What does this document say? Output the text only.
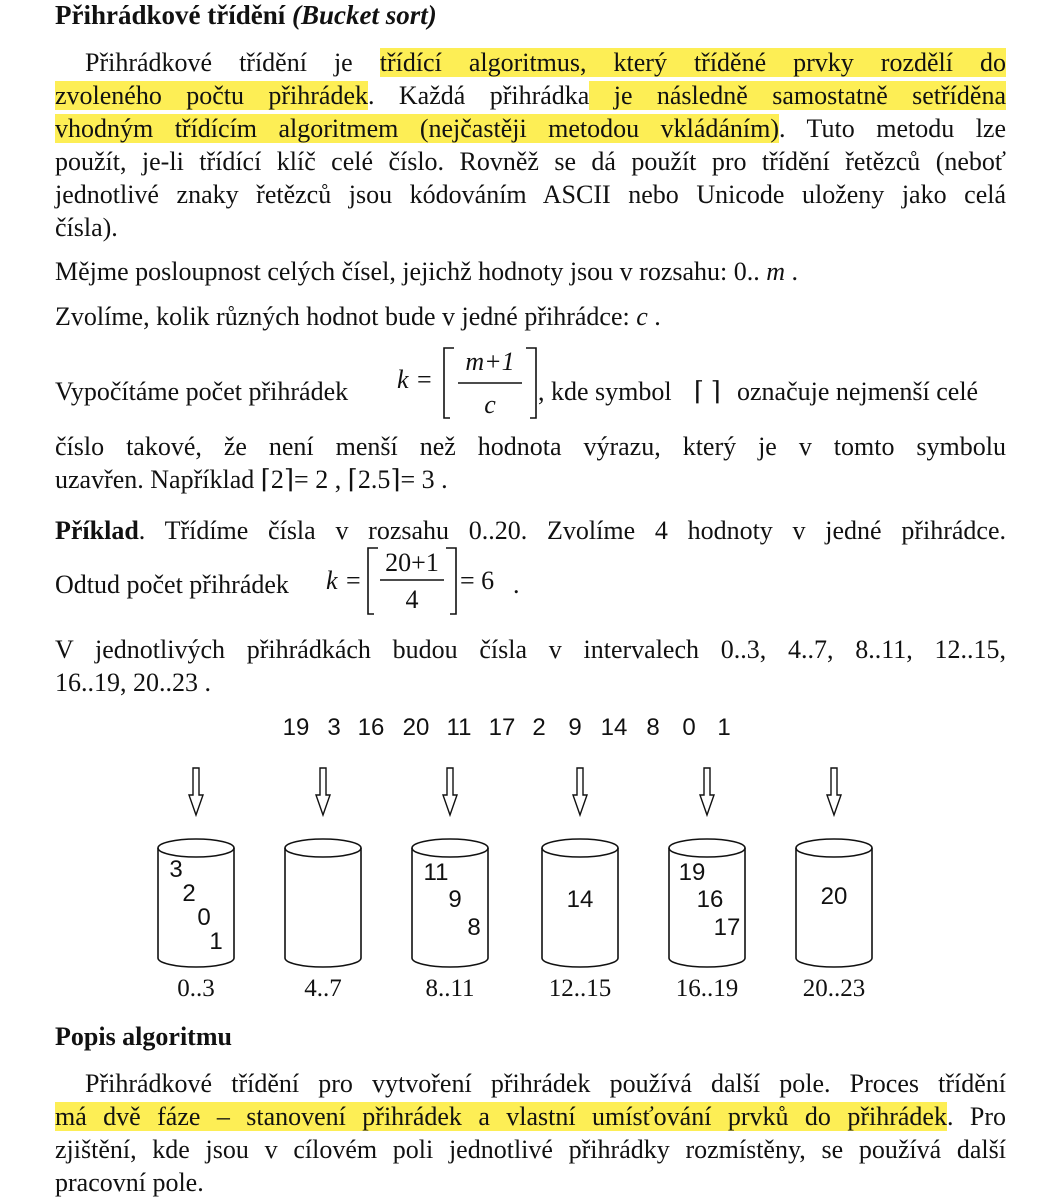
Přihrádkové třídění (Bucket sort)
Přihrádkové třídění je třídící algoritmus, který tříděné prvky rozdělí do
zvoleného počtu přihrádek. Každá přihrádka je následně samostatně setříděna
vhodným třídícím algoritmem (nejčastěji metodou vkládáním). Tuto metodu lze
použít, je-li třídící klíč celé číslo. Rovněž se dá použít pro třídění řetězců (neboť
jednotlivé znaky řetězců jsou kódováním ASCII nebo Unicode uloženy jako celá
čísla).
Mějme posloupnost celých čísel, jejichž hodnoty jsou v rozsahu: 0.. m .
Zvolíme, kolik různých hodnot bude v jedné přihrádce: c .
Vypočítáme počet přihrádek k =
m+1
c	, kde symbol ⌈ ⌉ označuje nejmenší celé
číslo takové, že není menší než hodnota výrazu, který je v tomto symbolu
uzavřen. Například ⌈2⌉= 2 , ⌈2.5⌉= 3 .
Příklad. Třídíme čísla v rozsahu 0..20. Zvolíme 4 hodnoty v jedné přihrádce.
Odtud počet přihrádek k =
20+1
4
= 6 .
V jednotlivých přihrádkách budou čísla v intervalech 0..3, 4..7, 8..11, 12..15,
16..19, 20..23 .
19 3 16 20 11 17 2 9 14 8 0 1
3
2
0
1
0..3	4..7
11
9
8
8..11
14
12..15
19
16
17
16..19
20
20..23
Popis algoritmu
Přihrádkové třídění pro vytvoření přihrádek používá další pole. Proces třídění
má dvě fáze – stanovení přihrádek a vlastní umísťování prvků do přihrádek. Pro
zjištění, kde jsou v cílovém poli jednotlivé přihrádky rozmístěny, se používá další
pracovní pole.
